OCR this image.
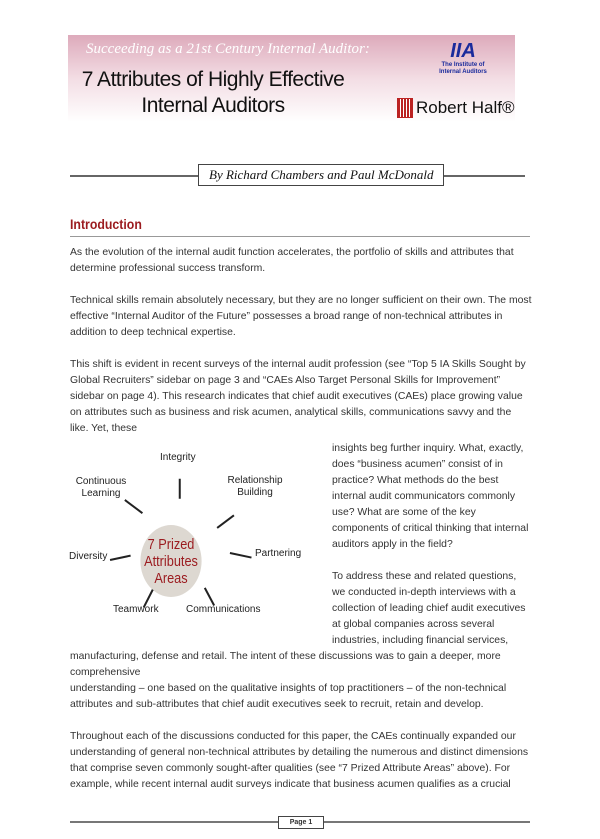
Succeeding as a 21st Century Internal Auditor:
7 Attributes of Highly Effective Internal Auditors
IIA
The Institute of Internal Auditors
Robert Half®
By Richard Chambers and Paul McDonald
Introduction

As the evolution of the internal audit function accelerates, the portfolio of skills and attributes that determine professional success transform.

Technical skills remain absolutely necessary, but they are no longer sufficient on their own. The most effective “Internal Auditor of the Future” possesses a broad range of non-technical attributes in addition to deep technical expertise.

This shift is evident in recent surveys of the internal audit profession (see “Top 5 IA Skills Sought by Global Recruiters” sidebar on page 3 and “CAEs Also Target Personal Skills for Improvement” sidebar on page 4). This research indicates that chief audit executives (CAEs) place growing value on attributes such as business and risk acumen, analytical skills, communications savvy and the like. Yet, these

7 Prized Attributes Areas
Integrity
Relationship Building
Partnering
Communications
Teamwork
Diversity
Continuous Learning

insights beg further inquiry. What, exactly, does “business acumen” consist of in practice? What methods do the best internal audit communicators commonly use? What are some of the key components of critical thinking that internal auditors apply in the field?

To address these and related questions, we conducted in-depth interviews with a collection of leading chief audit executives at global companies across several industries, including financial services, manufacturing, defense and retail. The intent of these discussions was to gain a deeper, more comprehensive

understanding – one based on the qualitative insights of top practitioners – of the non-technical attributes and sub-attributes that chief audit executives seek to recruit, retain and develop.

Throughout each of the discussions conducted for this paper, the CAEs continually expanded our understanding of general non-technical attributes by detailing the numerous and distinct dimensions that comprise seven commonly sought-after qualities (see “7 Prized Attribute Areas” above). For example, while recent internal audit surveys indicate that business acumen qualifies as a crucial

Page 1
